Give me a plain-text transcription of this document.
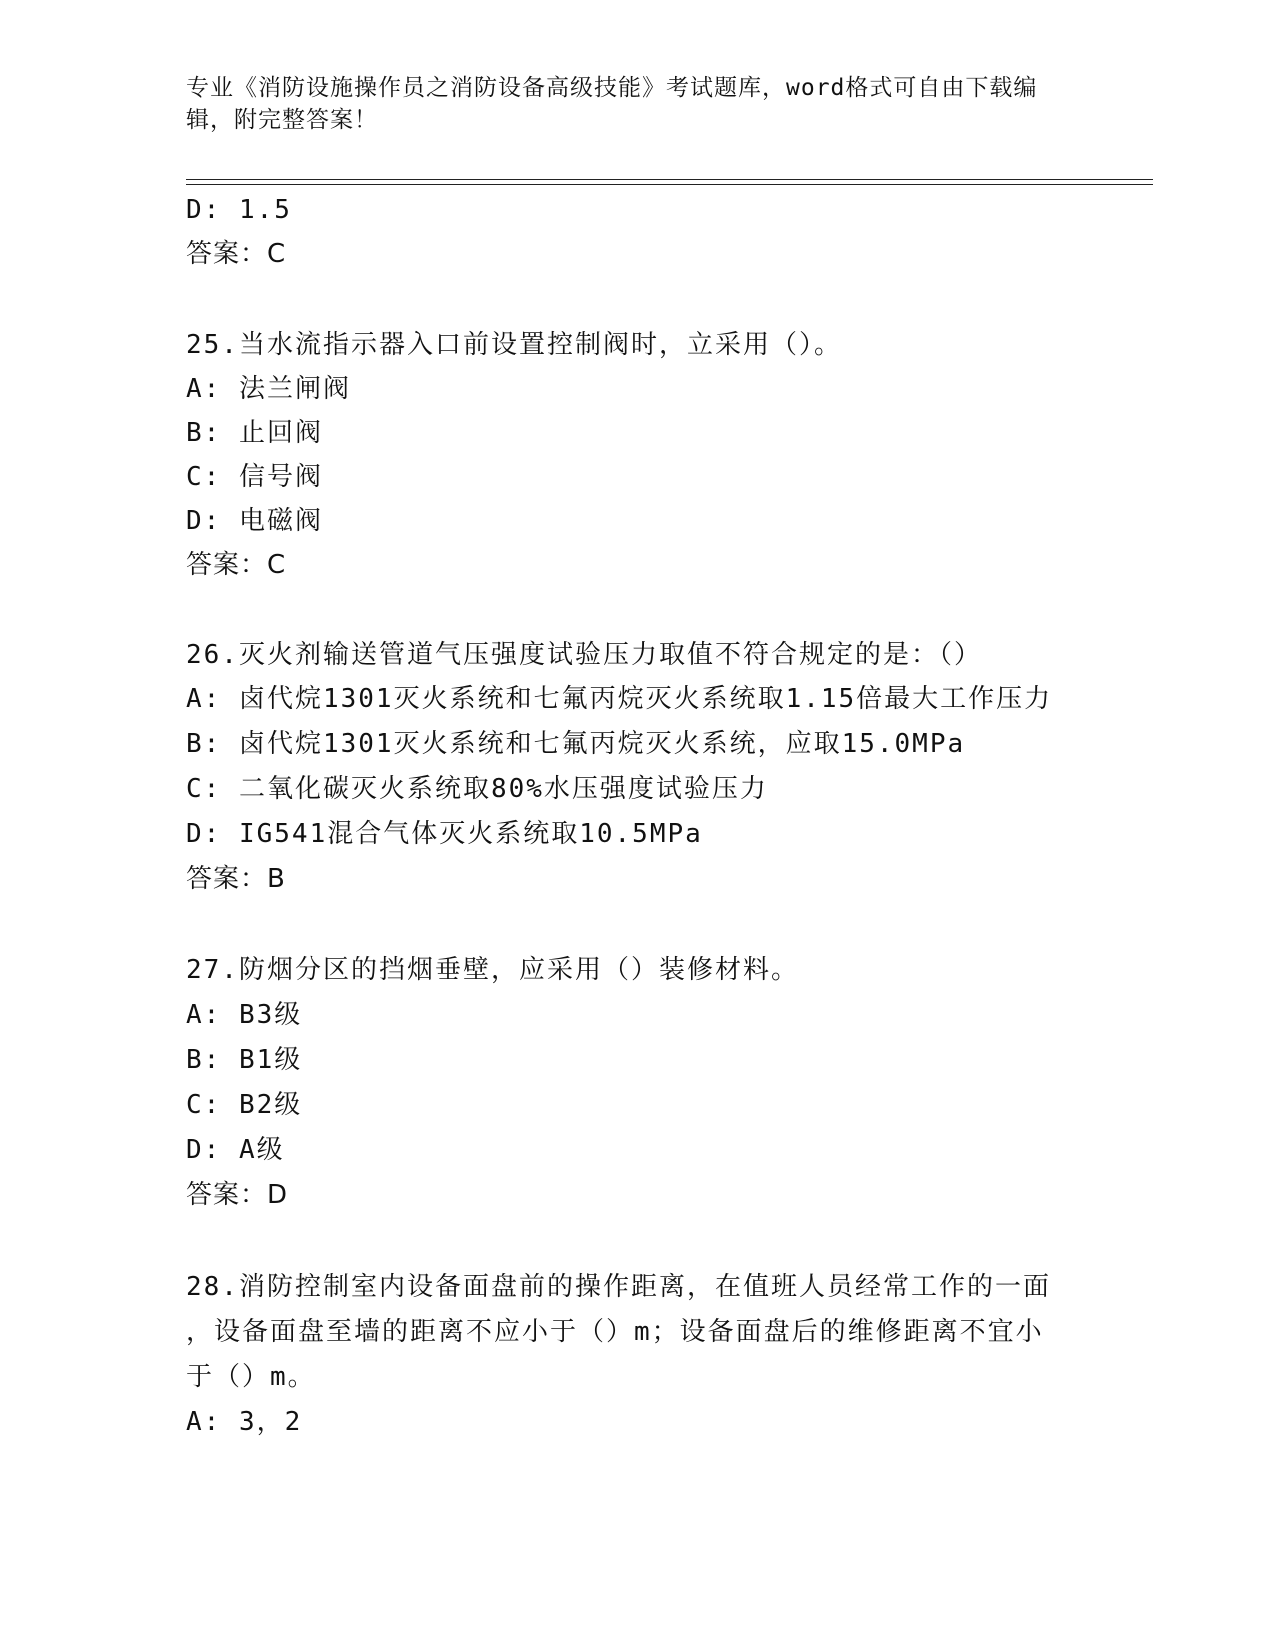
专业《消防设施操作员之消防设备高级技能》考试题库，word格式可自由下载编
辑，附完整答案！
D: 1.5
答案：C
25.当水流指示器入口前设置控制阀时，立采用（）。
A: 法兰闸阀
B: 止回阀
C: 信号阀
D: 电磁阀
答案：C
26.灭火剂输送管道气压强度试验压力取值不符合规定的是：（）
A: 卤代烷1301灭火系统和七氟丙烷灭火系统取1.15倍最大工作压力
B: 卤代烷1301灭火系统和七氟丙烷灭火系统，应取15.0MPa
C: 二氧化碳灭火系统取80%水压强度试验压力
D: IG541混合气体灭火系统取10.5MPa
答案：B
27.防烟分区的挡烟垂壁，应采用（）装修材料。
A: B3级
B: B1级
C: B2级
D: A级
答案：D
28.消防控制室内设备面盘前的操作距离，在值班人员经常工作的一面
，设备面盘至墙的距离不应小于（）m；设备面盘后的维修距离不宜小
于（）m。
A: 3，2
